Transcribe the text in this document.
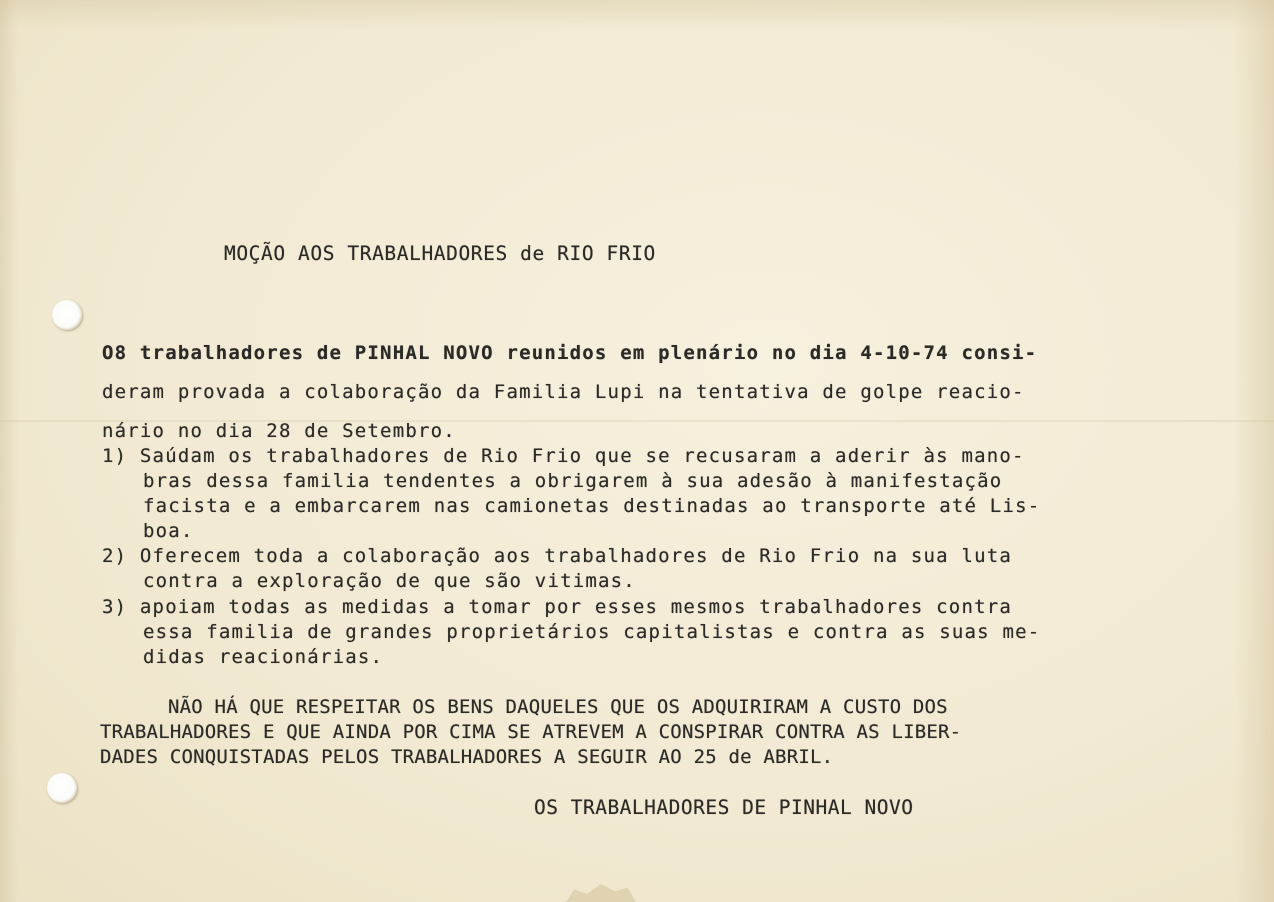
MOÇÃO AOS TRABALHADORES de RIO FRIO

O8 trabalhadores de PINHAL NOVO reunidos em plenário no dia 4-10-74 consi-

deram provada a colaboração da Familia Lupi na tentativa de golpe reacio-

nário no dia 28 de Setembro.

1) Saúdam os trabalhadores de Rio Frio que se recusaram a aderir às mano-

bras dessa familia tendentes a obrigarem à sua adesão à manifestação

facista e a embarcarem nas camionetas destinadas ao transporte até Lis-

boa.

2) Oferecem toda a colaboração aos trabalhadores de Rio Frio na sua luta

contra a exploração de que são vitimas.

3) apoiam todas as medidas a tomar por esses mesmos trabalhadores contra

essa familia de grandes proprietários capitalistas e contra as suas me-

didas reacionárias.

NÃO HÁ QUE RESPEITAR OS BENS DAQUELES QUE OS ADQUIRIRAM A CUSTO DOS

TRABALHADORES E QUE AINDA POR CIMA SE ATREVEM A CONSPIRAR CONTRA AS LIBER-

DADES CONQUISTADAS PELOS TRABALHADORES A SEGUIR AO 25 de ABRIL.

OS TRABALHADORES DE PINHAL NOVO
